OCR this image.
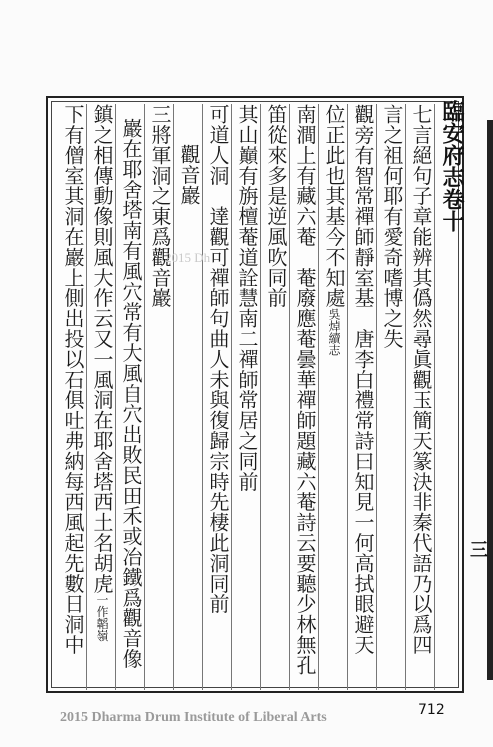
臨安府志卷十
三
七言絕句子章能辨其僞然尋眞觀玉簡天篆決非秦代語乃以爲四
言之祖何耶有愛奇嗜博之失
觀旁有智常禪師靜室基　唐李白禮常詩曰知見一何高拭眼避天
位正此也其基今不知處吳焯續志
南澗上有藏六菴　菴廢應菴曇華禪師題藏六菴詩云要聽少林無孔
笛從來多是逆風吹同前
其山巔有旃檀菴道詮慧南二禪師常居之同前
可道人洞　達觀可禪師句曲人未與復歸宗時先棲此洞同前
觀音巖
三將軍洞之東爲觀音巖
巖在耶舍塔南有風穴常有大風自穴出敗民田禾或冶鐵爲觀音像
鎮之相傳動像則風大作云又一風洞在耶舍塔西土名胡虎一作韜嶺
下有僧室其洞在巖上側出投以石俱吐弗納每西風起先數日洞中	2015 Dh
712
2015 Dharma Drum Institute of Liberal Arts
